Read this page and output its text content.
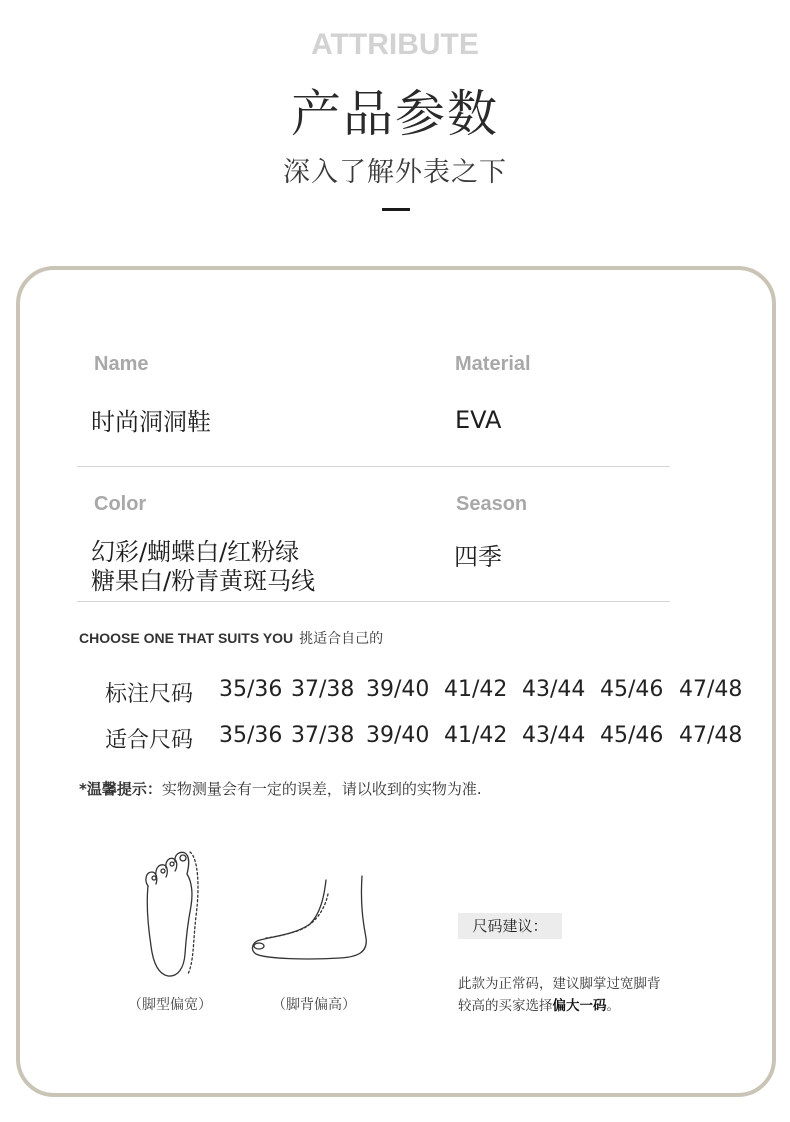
ATTRIBUTE
产品参数
深入了解外表之下
Name
时尚洞洞鞋
Material
EVA
Color
幻彩/蝴蝶白/红粉绿
糖果白/粉青黄斑马线
Season
四季
CHOOSE ONE THAT SUITS YOU 挑适合自己的
标注尺码 35/36 37/38 39/40 41/42 43/44 45/46 47/48
适合尺码 35/36 37/38 39/40 41/42 43/44 45/46 47/48
*温馨提示：实物测量会有一定的误差，请以收到的实物为准.
（脚型偏宽）	（脚背偏高）
尺码建议：
此款为正常码，建议脚掌过宽脚背
较高的买家选择偏大一码。
